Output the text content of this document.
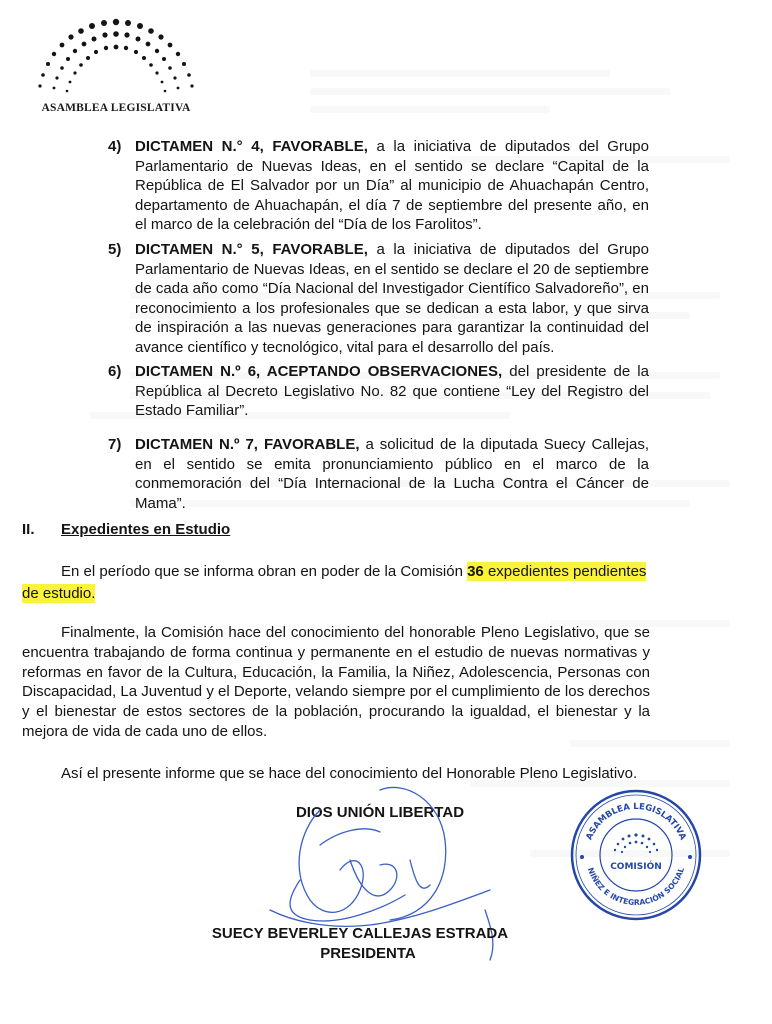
ASAMBLEA LEGISLATIVA
4) DICTAMEN N.° 4, FAVORABLE, a la iniciativa de diputados del Grupo Parlamentario de Nuevas Ideas, en el sentido se declare “Capital de la República de El Salvador por un Día” al municipio de Ahuachapán Centro, departamento de Ahuachapán, el día 7 de septiembre del presente año, en el marco de la celebración del “Día de los Farolitos”.

5) DICTAMEN N.° 5, FAVORABLE, a la iniciativa de diputados del Grupo Parlamentario de Nuevas Ideas, en el sentido se declare el 20 de septiembre de cada año como “Día Nacional del Investigador Científico Salvadoreño”, en reconocimiento a los profesionales que se dedican a esta labor, y que sirva de inspiración a las nuevas generaciones para garantizar la continuidad del avance científico y tecnológico, vital para el desarrollo del país.

6) DICTAMEN N.º 6, ACEPTANDO OBSERVACIONES, del presidente de la República al Decreto Legislativo No. 82 que contiene “Ley del Registro del Estado Familiar”.

7) DICTAMEN N.º 7, FAVORABLE, a solicitud de la diputada Suecy Callejas, en el sentido se emita pronunciamiento público en el marco de la conmemoración del “Día Internacional de la Lucha Contra el Cáncer de Mama”.

II. Expedientes en Estudio

En el período que se informa obran en poder de la Comisión 36 expedientes pendientes

de estudio.

Finalmente, la Comisión hace del conocimiento del honorable Pleno Legislativo, que se encuentra trabajando de forma continua y permanente en el estudio de nuevas normativas y reformas en favor de la Cultura, Educación, la Familia, la Niñez, Adolescencia, Personas con Discapacidad, La Juventud y el Deporte, velando siempre por el cumplimiento de los derechos y el bienestar de estos sectores de la población, procurando la igualdad, el bienestar y la mejora de vida de cada uno de ellos.

Así el presente informe que se hace del conocimiento del Honorable Pleno Legislativo.

DIOS UNIÓN LIBERTAD
SUECY BEVERLEY CALLEJAS ESTRADA
PRESIDENTA
ASAMBLEA LEGISLATIVA
NIÑEZ E INTEGRACIÓN SOCIAL
COMISIÓN
